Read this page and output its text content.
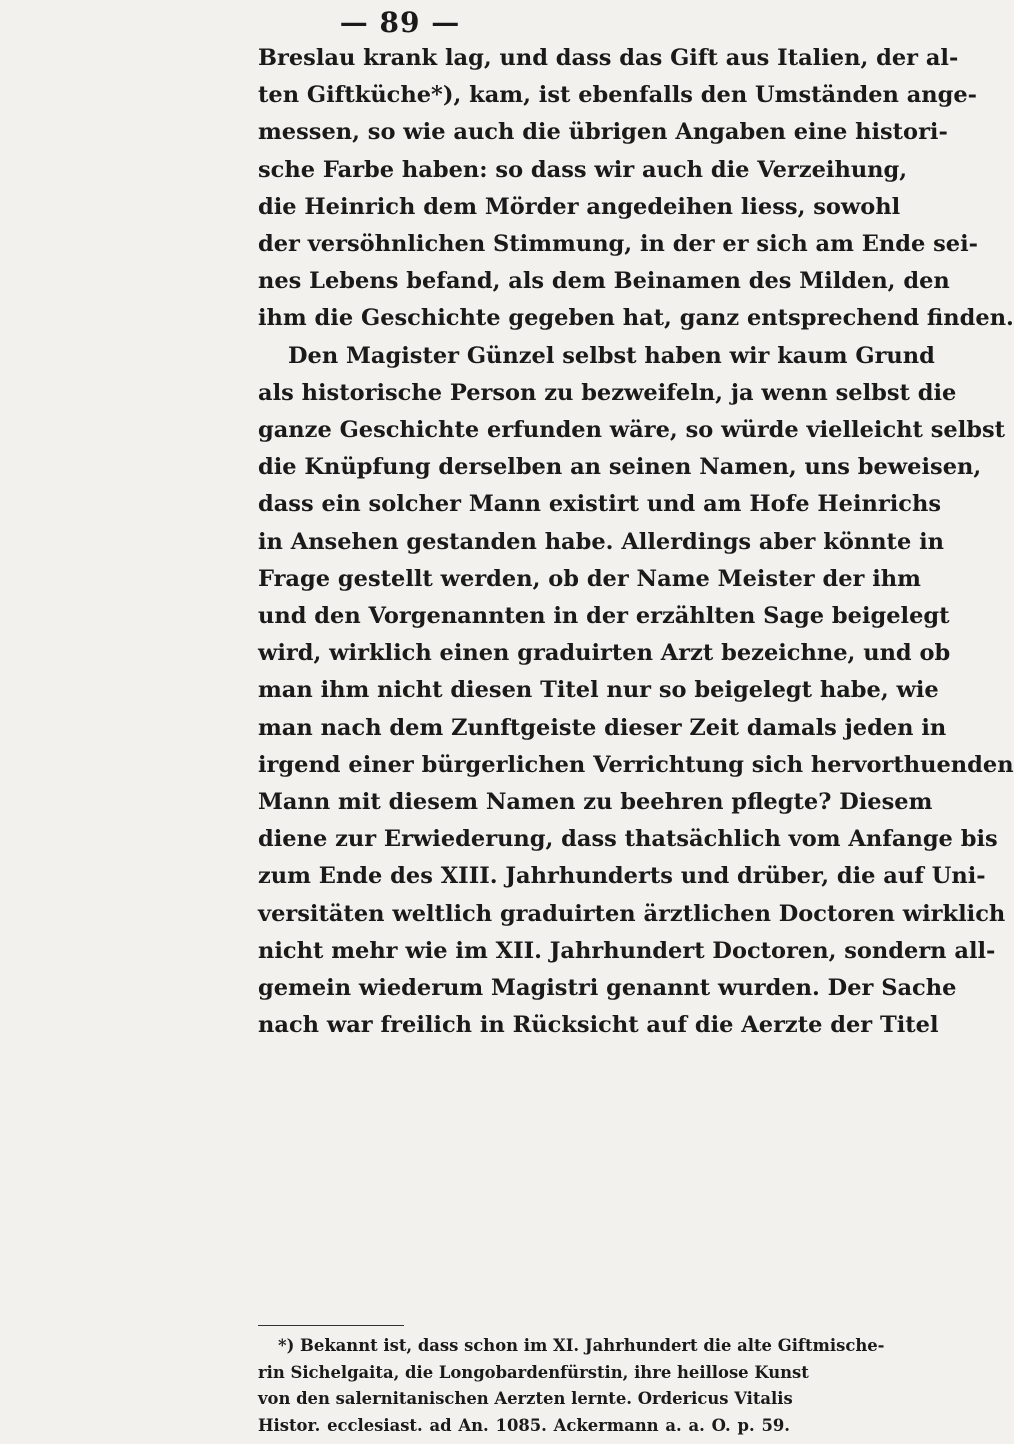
— 89 —
Breslau krank lag, und dass das Gift aus Italien, der al-
ten Giftküche*), kam, ist ebenfalls den Umständen ange-
messen, so wie auch die übrigen Angaben eine histori-
sche Farbe haben: so dass wir auch die Verzeihung,
die Heinrich dem Mörder angedeihen liess, sowohl
der versöhnlichen Stimmung, in der er sich am Ende sei-
nes Lebens befand, als dem Beinamen des Milden, den
ihm die Geschichte gegeben hat, ganz entsprechend finden.
Den Magister Günzel selbst haben wir kaum Grund
als historische Person zu bezweifeln, ja wenn selbst die
ganze Geschichte erfunden wäre, so würde vielleicht selbst
die Knüpfung derselben an seinen Namen, uns beweisen,
dass ein solcher Mann existirt und am Hofe Heinrichs
in Ansehen gestanden habe. Allerdings aber könnte in
Frage gestellt werden, ob der Name Meister der ihm
und den Vorgenannten in der erzählten Sage beigelegt
wird, wirklich einen graduirten Arzt bezeichne, und ob
man ihm nicht diesen Titel nur so beigelegt habe, wie
man nach dem Zunftgeiste dieser Zeit damals jeden in
irgend einer bürgerlichen Verrichtung sich hervorthuenden
Mann mit diesem Namen zu beehren pflegte? Diesem
diene zur Erwiederung, dass thatsächlich vom Anfange bis
zum Ende des XIII. Jahrhunderts und drüber, die auf Uni-
versitäten weltlich graduirten ärztlichen Doctoren wirklich
nicht mehr wie im XII. Jahrhundert Doctoren, sondern all-
gemein wiederum Magistri genannt wurden. Der Sache
nach war freilich in Rücksicht auf die Aerzte der Titel
*) Bekannt ist, dass schon im XI. Jahrhundert die alte Giftmische-
rin Sichelgaita, die Longobardenfürstin, ihre heillose Kunst
von den salernitanischen Aerzten lernte. Ordericus Vitalis
Histor. ecclesiast. ad An. 1085. Ackermann a. a. O. p. 59.
